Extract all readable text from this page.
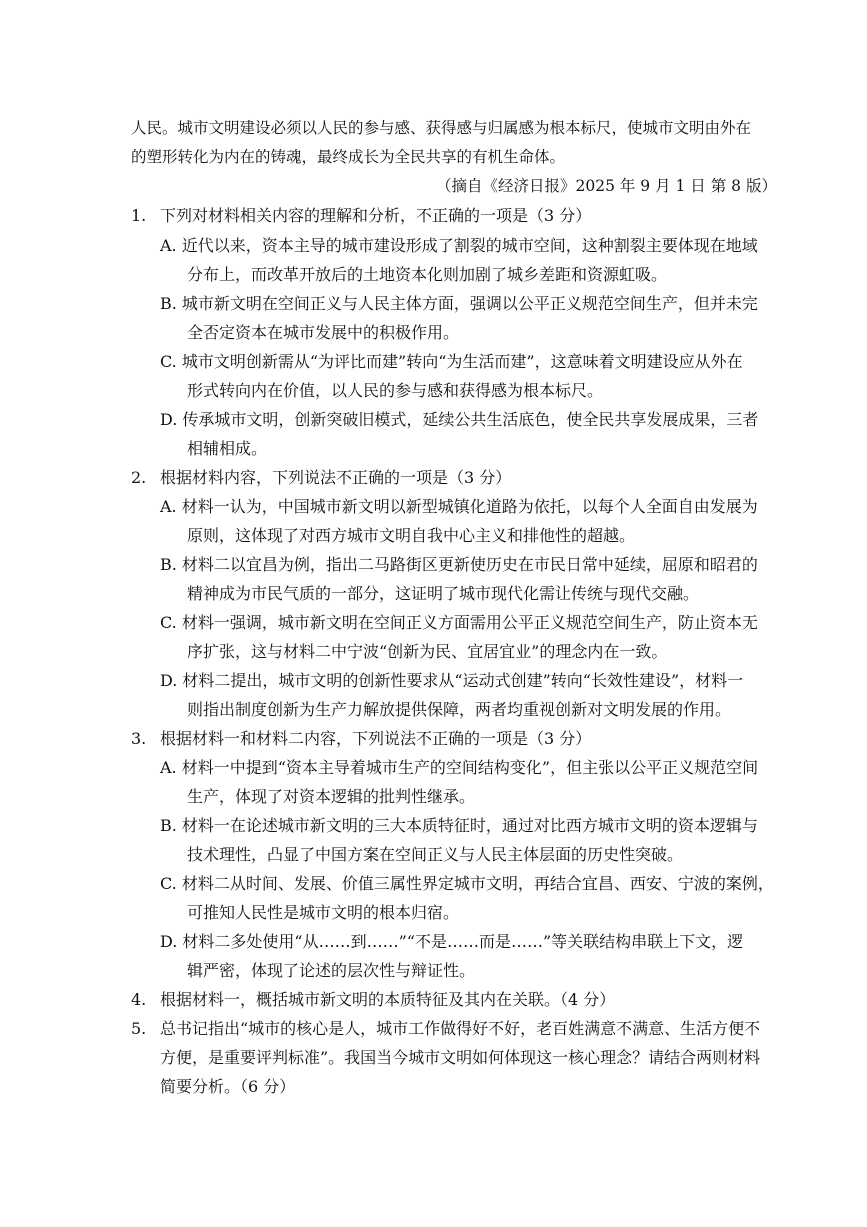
人民。城市文明建设必须以人民的参与感、获得感与归属感为根本标尺，使城市文明由外在
的塑形转化为内在的铸魂，最终成长为全民共享的有机生命体。
（摘自《经济日报》2025 年 9 月 1 日 第 8 版）
1. 下列对材料相关内容的理解和分析，不正确的一项是（3 分）
A. 近代以来，资本主导的城市建设形成了割裂的城市空间，这种割裂主要体现在地域
分布上，而改革开放后的土地资本化则加剧了城乡差距和资源虹吸。
B. 城市新文明在空间正义与人民主体方面，强调以公平正义规范空间生产，但并未完
全否定资本在城市发展中的积极作用。
C. 城市文明创新需从“为评比而建”转向“为生活而建”，这意味着文明建设应从外在
形式转向内在价值，以人民的参与感和获得感为根本标尺。
D. 传承城市文明，创新突破旧模式，延续公共生活底色，使全民共享发展成果，三者
相辅相成。
2. 根据材料内容，下列说法不正确的一项是（3 分）
A. 材料一认为，中国城市新文明以新型城镇化道路为依托，以每个人全面自由发展为
原则，这体现了对西方城市文明自我中心主义和排他性的超越。
B. 材料二以宜昌为例，指出二马路街区更新使历史在市民日常中延续，屈原和昭君的
精神成为市民气质的一部分，这证明了城市现代化需让传统与现代交融。
C. 材料一强调，城市新文明在空间正义方面需用公平正义规范空间生产，防止资本无
序扩张，这与材料二中宁波“创新为民、宜居宜业”的理念内在一致。
D. 材料二提出，城市文明的创新性要求从“运动式创建”转向“长效性建设”，材料一
则指出制度创新为生产力解放提供保障，两者均重视创新对文明发展的作用。
3. 根据材料一和材料二内容，下列说法不正确的一项是（3 分）
A. 材料一中提到“资本主导着城市生产的空间结构变化”，但主张以公平正义规范空间
生产，体现了对资本逻辑的批判性继承。
B. 材料一在论述城市新文明的三大本质特征时，通过对比西方城市文明的资本逻辑与
技术理性，凸显了中国方案在空间正义与人民主体层面的历史性突破。
C. 材料二从时间、发展、价值三属性界定城市文明，再结合宜昌、西安、宁波的案例，
可推知人民性是城市文明的根本归宿。
D. 材料二多处使用“从……到……”“不是……而是……”等关联结构串联上下文，逻
辑严密，体现了论述的层次性与辩证性。
4. 根据材料一，概括城市新文明的本质特征及其内在关联。（4 分）
5. 总书记指出“城市的核心是人，城市工作做得好不好，老百姓满意不满意、生活方便不
方便，是重要评判标准”。我国当今城市文明如何体现这一核心理念？请结合两则材料
简要分析。（6 分）
